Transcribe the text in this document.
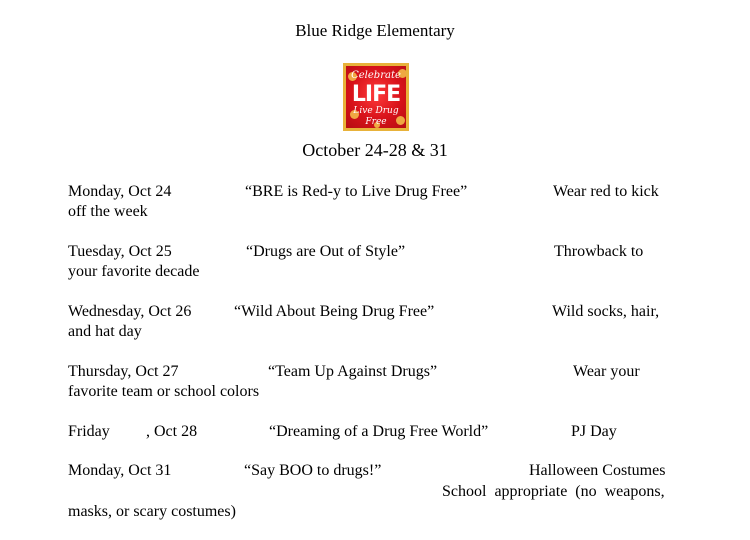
Blue Ridge Elementary
Celebrate
LIFE
Live Drug
Free
October 24-28 & 31
Monday, Oct 24	“BRE is Red-y to Live Drug Free”	Wear red to kick
off the week
Tuesday, Oct 25	“Drugs are Out of Style”	Throwback to
your favorite decade
Wednesday, Oct 26	“Wild About Being Drug Free”	Wild socks, hair,
and hat day
Thursday, Oct 27	“Team Up Against Drugs”	Wear your
favorite team or school colors
Friday , Oct 28	“Dreaming of a Drug Free World”	PJ Day
Monday, Oct 31	“Say BOO to drugs!”	Halloween Costumes
School  appropriate  (no  weapons,
masks, or scary costumes)
